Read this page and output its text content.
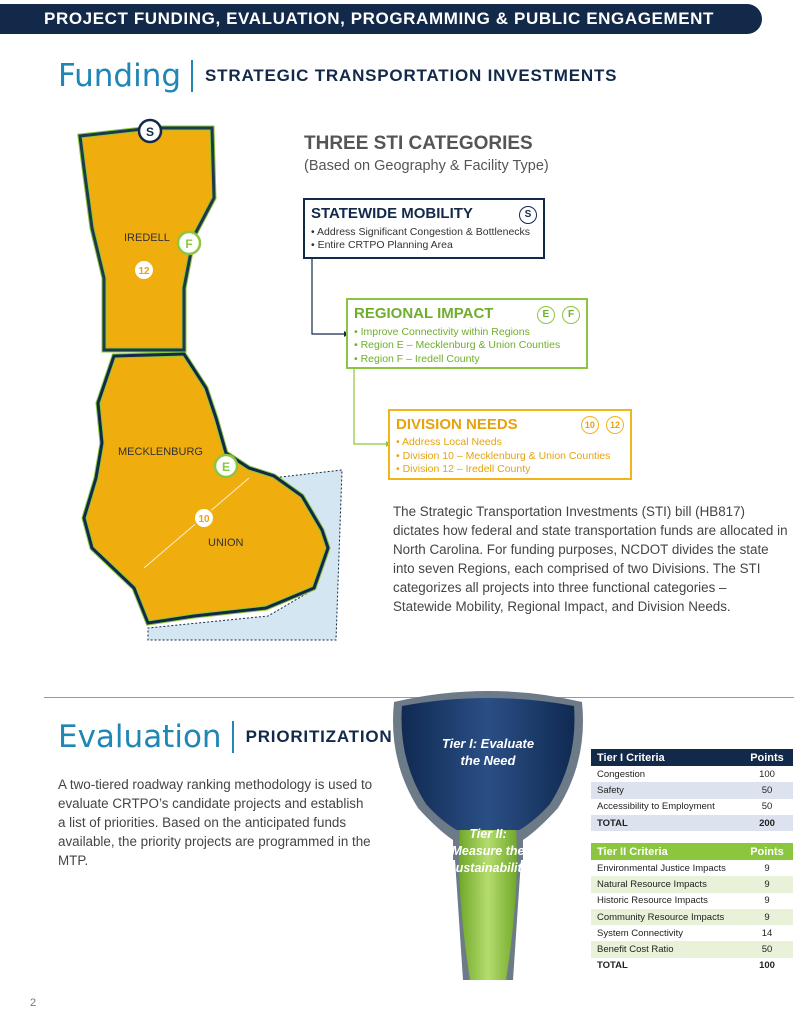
PROJECT FUNDING, EVALUATION, PROGRAMMING & PUBLIC ENGAGEMENT
Funding STRATEGIC TRANSPORTATION INVESTMENTS
IREDELL
MECKLENBURG
UNION
S
F
12
E
10
THREE STI CATEGORIES
(Based on Geography & Facility Type)
STATEWIDE MOBILITY	S
• Address Significant Congestion & Bottlenecks
• Entire CRTPO Planning Area
REGIONAL IMPACT	E F
• Improve Connectivity within Regions
• Region E – Mecklenburg & Union Counties
• Region F – Iredell County
DIVISION NEEDS	10 12
• Address Local Needs
• Division 10 – Mecklenburg & Union Counties
• Division 12 – Iredell County

The Strategic Transportation Investments (STI) bill (HB817) dictates how federal and state transportation funds are allocated in North Carolina. For funding purposes, NCDOT divides the state into seven Regions, each comprised of two Divisions. The STI categorizes all projects into three functional categories – Statewide Mobility, Regional Impact, and Division Needs.

Evaluation PRIORITIZATION

A two-tiered roadway ranking methodology is used to evaluate CRTPO’s candidate projects and establish a list of priorities. Based on the anticipated funds available, the priority projects are programmed in the MTP.

Tier I: Evaluate
the Need
Tier II:
Measure the
Sustainability
Tier I Criteria	Points
Congestion	100
Safety	50
Accessibility to Employment	50
TOTAL	200
Tier II Criteria	Points
Environmental Justice Impacts	9
Natural Resource Impacts	9
Historic Resource Impacts	9
Community Resource Impacts	9
System Connectivity	14
Benefit Cost Ratio	50
TOTAL	100
2
